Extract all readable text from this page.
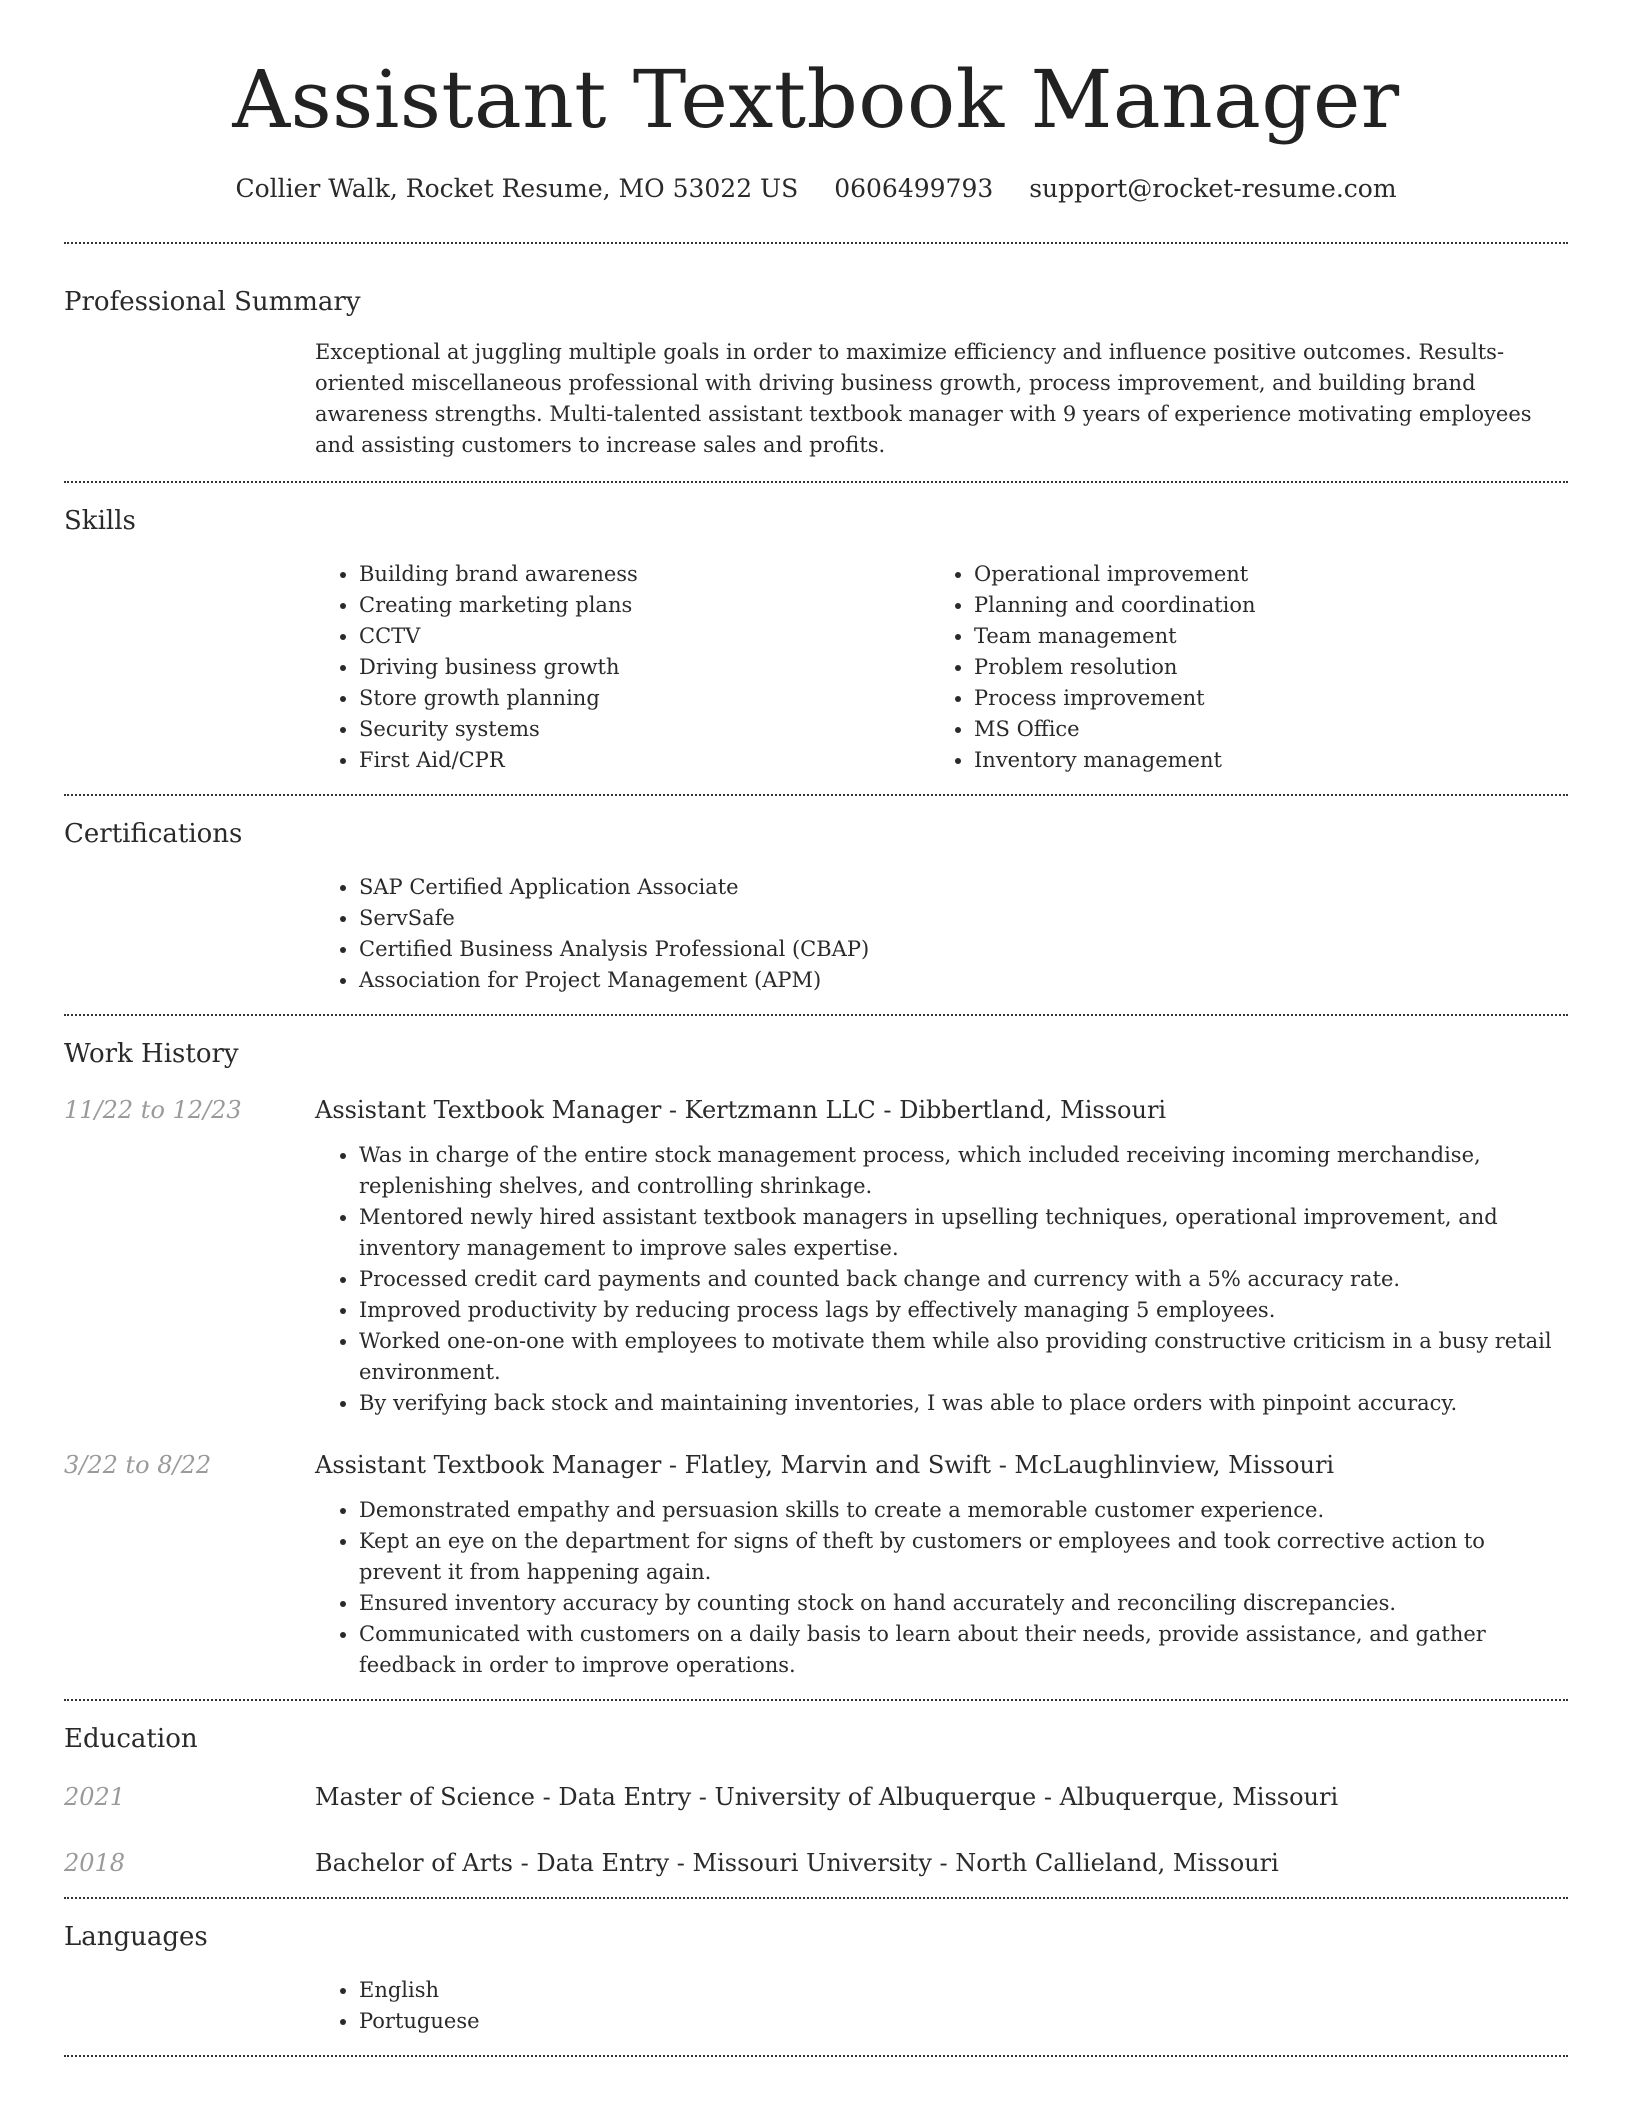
Assistant Textbook Manager
Collier Walk, Rocket Resume, MO 53022 US 0606499793 support@rocket-resume.com
Professional Summary

Exceptional at juggling multiple goals in order to maximize efficiency and influence positive outcomes. Results-oriented miscellaneous professional with driving business growth, process improvement, and building brand awareness strengths. Multi-talented assistant textbook manager with 9 years of experience motivating employees and assisting customers to increase sales and profits.

Skills
• Building brand awareness
• Creating marketing plans
• CCTV
• Driving business growth
• Store growth planning
• Security systems
• First Aid/CPR
• Operational improvement
• Planning and coordination
• Team management
• Problem resolution
• Process improvement
• MS Office
• Inventory management
Certifications
• SAP Certified Application Associate
• ServSafe
• Certified Business Analysis Professional (CBAP)
• Association for Project Management (APM)
Work History
11/22 to 12/23	Assistant Textbook Manager - Kertzmann LLC - Dibbertland, Missouri
• Was in charge of the entire stock management process, which included receiving incoming merchandise, replenishing shelves, and controlling shrinkage.
• Mentored newly hired assistant textbook managers in upselling techniques, operational improvement, and inventory management to improve sales expertise.
• Processed credit card payments and counted back change and currency with a 5% accuracy rate.
• Improved productivity by reducing process lags by effectively managing 5 employees.
• Worked one-on-one with employees to motivate them while also providing constructive criticism in a busy retail environment.
• By verifying back stock and maintaining inventories, I was able to place orders with pinpoint accuracy.
3/22 to 8/22	Assistant Textbook Manager - Flatley, Marvin and Swift - McLaughlinview, Missouri
• Demonstrated empathy and persuasion skills to create a memorable customer experience.
• Kept an eye on the department for signs of theft by customers or employees and took corrective action to prevent it from happening again.
• Ensured inventory accuracy by counting stock on hand accurately and reconciling discrepancies.
• Communicated with customers on a daily basis to learn about their needs, provide assistance, and gather feedback in order to improve operations.
Education
2021	Master of Science - Data Entry - University of Albuquerque - Albuquerque, Missouri
2018	Bachelor of Arts - Data Entry - Missouri University - North Callieland, Missouri
Languages
• English
• Portuguese
